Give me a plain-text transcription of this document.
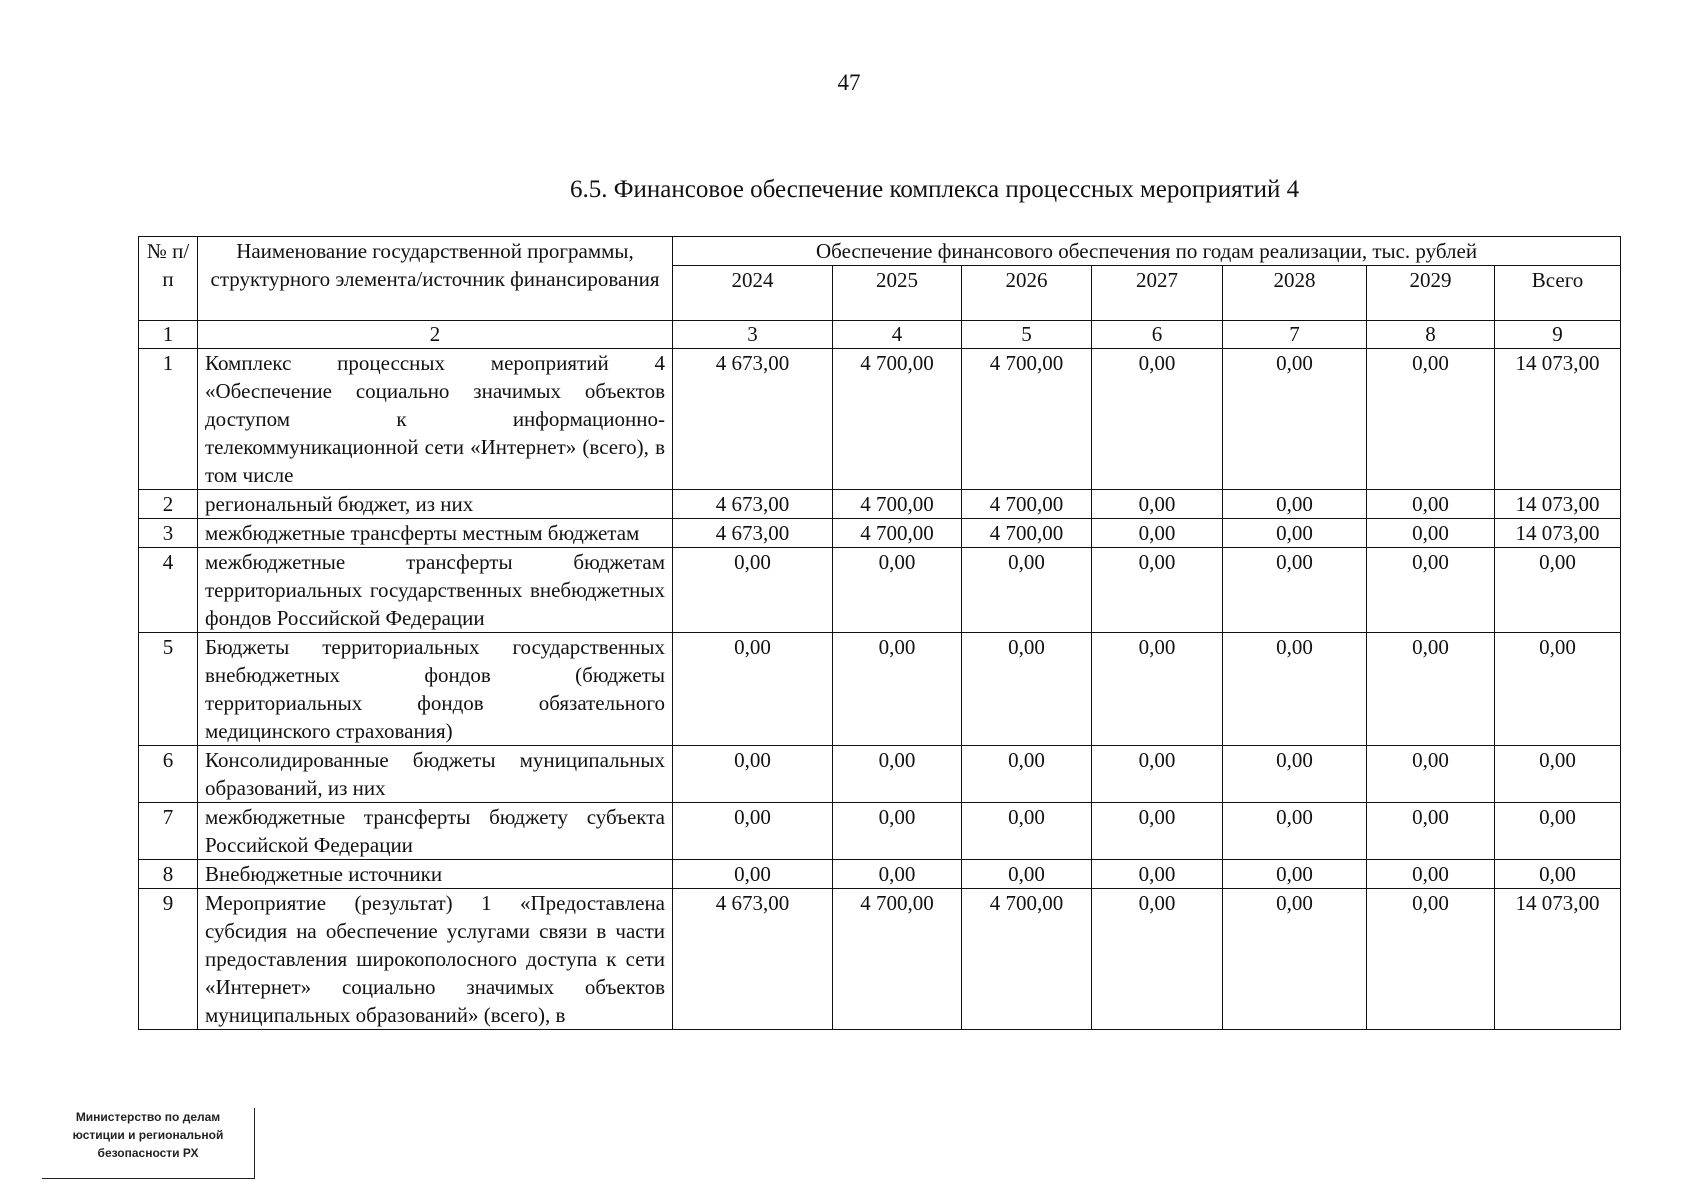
47
6.5. Финансовое обеспечение комплекса процессных мероприятий 4
№ п/п	Наименование государственной программы, структурного элемента/источник финансирования	Обеспечение финансового обеспечения по годам реализации, тыс. рублей						
		2024	2025	2026	2027	2028	2029	Всего
1	2	3	4	5	6	7	8	9
1	Комплекс процессных мероприятий 4 «Обеспечение социально значимых объектов доступом к информационно-телекоммуникационной сети «Интернет» (всего), в том числе	4 673,00	4 700,00	4 700,00	0,00	0,00	0,00	14 073,00
2	региональный бюджет, из них	4 673,00	4 700,00	4 700,00	0,00	0,00	0,00	14 073,00
3	межбюджетные трансферты местным бюджетам	4 673,00	4 700,00	4 700,00	0,00	0,00	0,00	14 073,00
4	межбюджетные трансферты бюджетам территориальных государственных внебюджетных фондов Российской Федерации	0,00	0,00	0,00	0,00	0,00	0,00	0,00
5	Бюджеты территориальных государственных внебюджетных фондов (бюджеты территориальных фондов обязательного медицинского страхования)	0,00	0,00	0,00	0,00	0,00	0,00	0,00
6	Консолидированные бюджеты муниципальных образований, из них	0,00	0,00	0,00	0,00	0,00	0,00	0,00
7	межбюджетные трансферты бюджету субъекта Российской Федерации	0,00	0,00	0,00	0,00	0,00	0,00	0,00
8	Внебюджетные источники	0,00	0,00	0,00	0,00	0,00	0,00	0,00
9	Мероприятие (результат) 1 «Предоставлена субсидия на обеспечение услугами связи в части предоставления широкополосного доступа к сети «Интернет» социально значимых объектов муниципальных образований» (всего), в	4 673,00	4 700,00	4 700,00	0,00	0,00	0,00	14 073,00
Министерство по делам
юстиции и региональной
безопасности РХ
